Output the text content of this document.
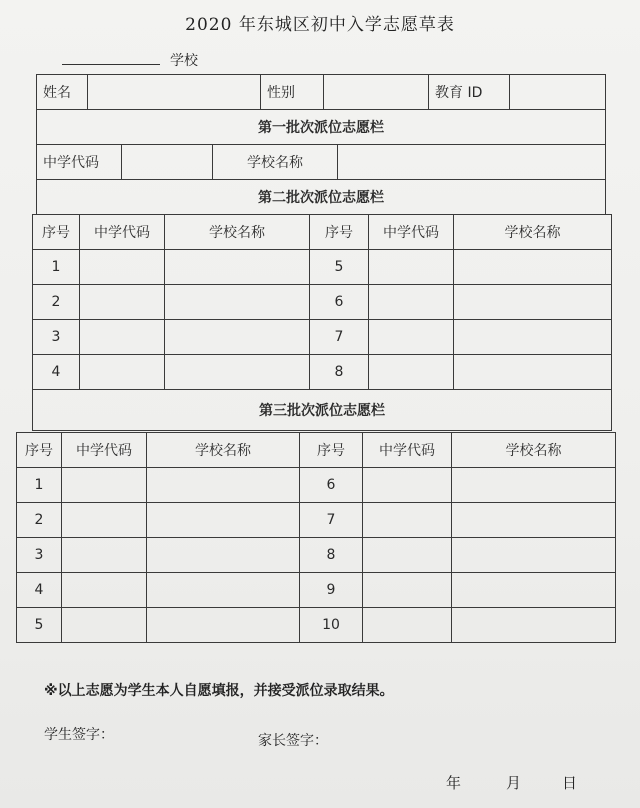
2020 年东城区初中入学志愿草表
学校
姓名		性别		教育 ID	
第一批次派位志愿栏

中学代码		学校名称	

第二批次派位志愿栏
序号	中学代码	学校名称	序号	中学代码	学校名称
1			5		
2			6		
3			7		
4			8		
第三批次派位志愿栏					
序号	中学代码	学校名称	序号	中学代码	学校名称
1			6		
2			7		
3			8		
4			9		
5			10		
※以上志愿为学生本人自愿填报，并接受派位录取结果。
学生签字：	家长签字：
年	月	日
